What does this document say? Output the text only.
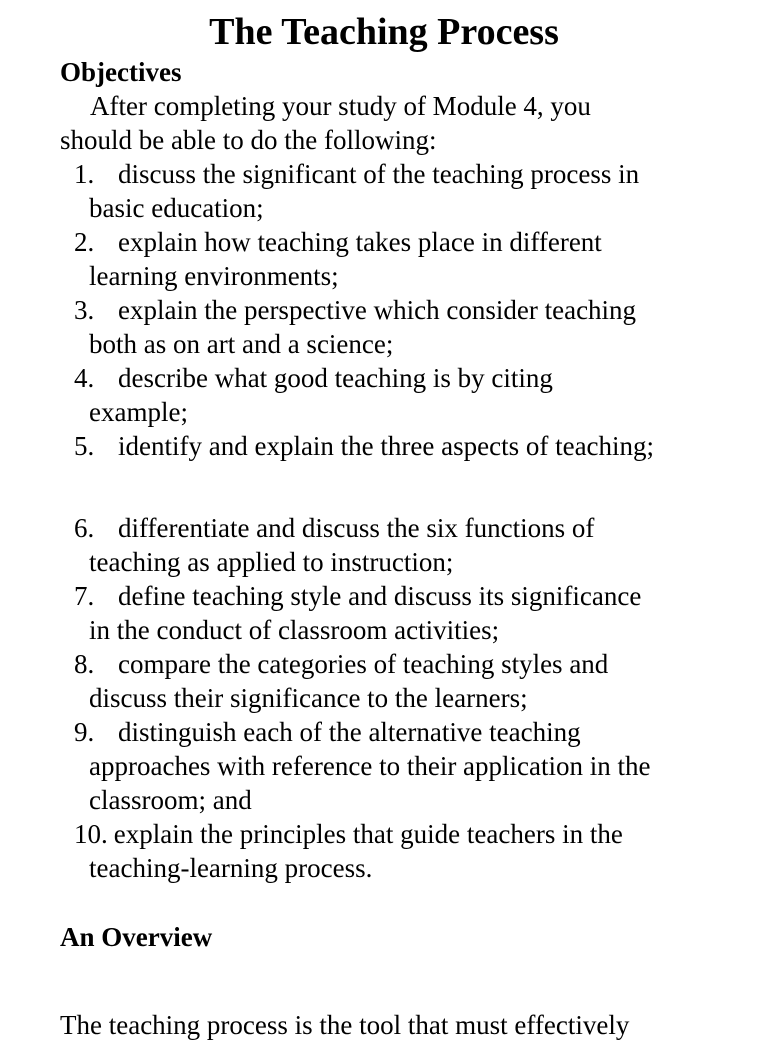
The Teaching Process
Objectives
After completing your study of Module 4, you
should be able to do the following:
1. discuss the significant of the teaching process in
basic education;
2. explain how teaching takes place in different
learning environments;
3. explain the perspective which consider teaching
both as on art and a science;
4. describe what good teaching is by citing
example;
5. identify and explain the three aspects of teaching;
6. differentiate and discuss the six functions of
teaching as applied to instruction;
7. define teaching style and discuss its significance
in the conduct of classroom activities;
8. compare the categories of teaching styles and
discuss their significance to the learners;
9. distinguish each of the alternative teaching
approaches with reference to their application in the
classroom; and
10. explain the principles that guide teachers in the
teaching-learning process.
An Overview
The teaching process is the tool that must effectively
